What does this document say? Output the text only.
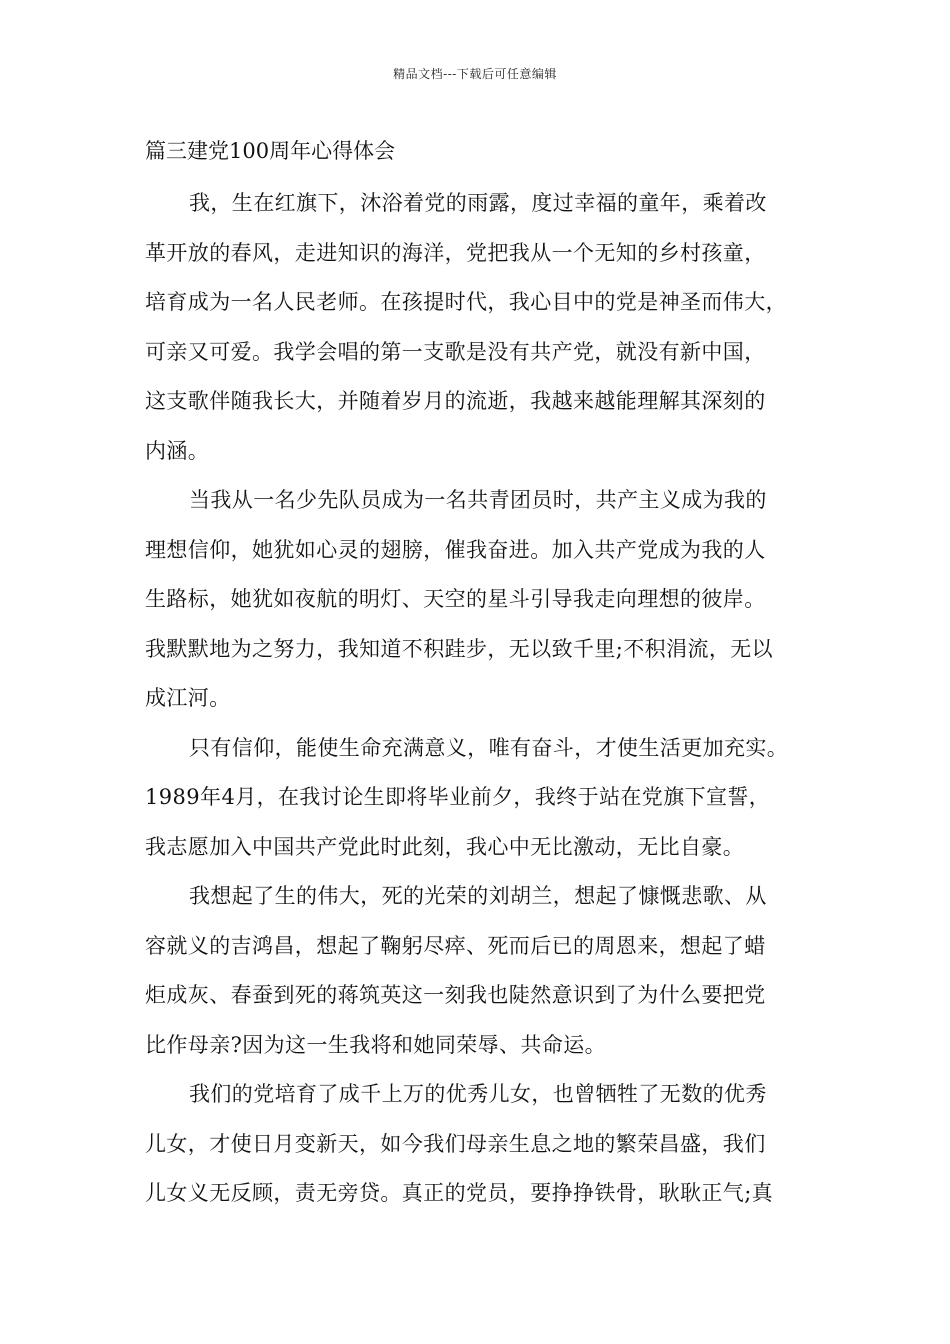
精品文档---下载后可任意编辑
篇三建党100周年心得体会

我，生在红旗下，沐浴着党的雨露，度过幸福的童年，乘着改
革开放的春风，走进知识的海洋，党把我从一个无知的乡村孩童，
培育成为一名人民老师。在孩提时代，我心目中的党是神圣而伟大，
可亲又可爱。我学会唱的第一支歌是没有共产党，就没有新中国，
这支歌伴随我长大，并随着岁月的流逝，我越来越能理解其深刻的
内涵。

当我从一名少先队员成为一名共青团员时，共产主义成为我的
理想信仰，她犹如心灵的翅膀，催我奋进。加入共产党成为我的人
生路标，她犹如夜航的明灯、天空的星斗引导我走向理想的彼岸。
我默默地为之努力，我知道不积跬步，无以致千里;不积涓流，无以
成江河。

只有信仰，能使生命充满意义，唯有奋斗，才使生活更加充实。
1989年4月，在我讨论生即将毕业前夕，我终于站在党旗下宣誓，
我志愿加入中国共产党此时此刻，我心中无比激动，无比自豪。

我想起了生的伟大，死的光荣的刘胡兰，想起了慷慨悲歌、从
容就义的吉鸿昌，想起了鞠躬尽瘁、死而后已的周恩来，想起了蜡
炬成灰、春蚕到死的蒋筑英这一刻我也陡然意识到了为什么要把党
比作母亲?因为这一生我将和她同荣辱、共命运。

我们的党培育了成千上万的优秀儿女，也曾牺牲了无数的优秀
儿女，才使日月变新天，如今我们母亲生息之地的繁荣昌盛，我们
儿女义无反顾，责无旁贷。真正的党员，要挣挣铁骨，耿耿正气;真
